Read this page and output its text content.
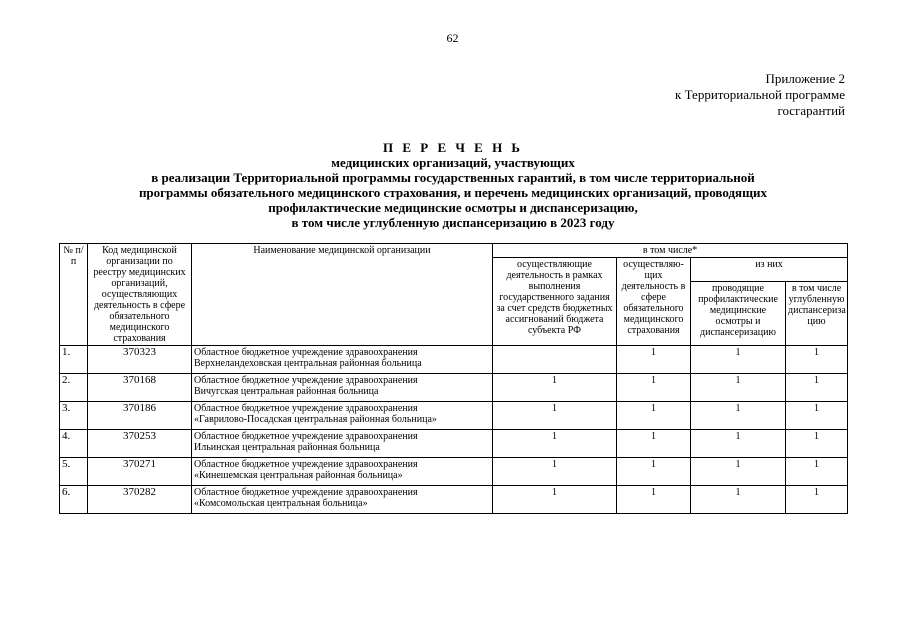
62
Приложение 2
к Территориальной программе
госгарантий
П Е Р Е Ч Е Н Ь
медицинских организаций, участвующих
в реализации Территориальной программы государственных гарантий, в том числе территориальной
программы обязательного медицинского страхования, и перечень медицинских организаций, проводящих
профилактические медицинские осмотры и диспансеризацию,
в том числе углубленную диспансеризацию в 2023 году
№ п/п	Код медицинской организации по реестру медицинских организаций, осуществляющих деятельность в сфере обязательного медицинского страхования	Наименование медицинской организации	в том числе*			
			осуществляющие деятельность в рамках выполнения государственного задания за счет средств бюджетных ассигнований бюджета субъекта РФ	осуществляю-щих деятельность в сфере обязательного медицинского страхования	из них	
					проводящие профилактические медицинские осмотры и диспансеризацию	в том числе углубленную диспансериза цию
1.	370323	Областное бюджетное учреждение здравоохранения
Верхнеландеховская центральная районная больница		1	1	1
2.	370168	Областное бюджетное учреждение здравоохранения
Вичугская центральная районная больница	1	1	1	1
3.	370186	Областное бюджетное учреждение здравоохранения
«Гаврилово-Посадская центральная районная больница»	1	1	1	1
4.	370253	Областное бюджетное учреждение здравоохранения
Ильинская центральная районная больница	1	1	1	1
5.	370271	Областное бюджетное учреждение здравоохранения
«Кинешемская центральная районная больница»	1	1	1	1
6.	370282	Областное бюджетное учреждение здравоохранения
«Комсомольская центральная больница»	1	1	1	1
